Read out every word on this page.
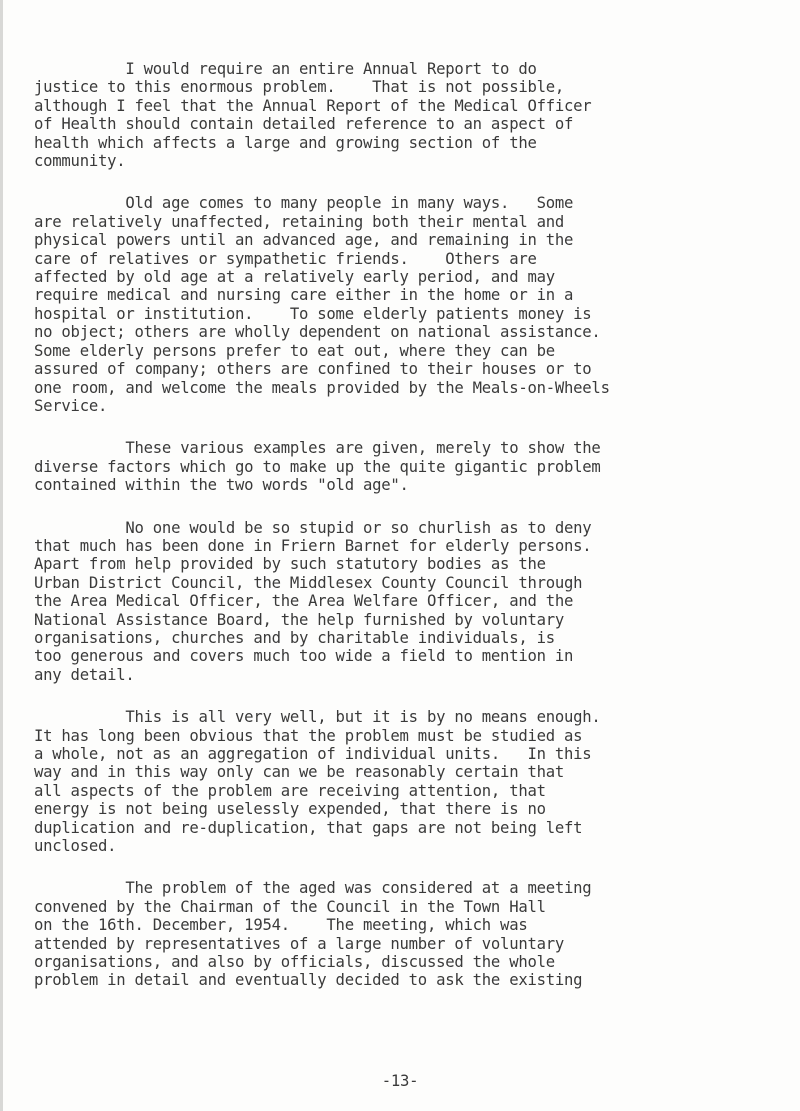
I would require an entire Annual Report to do
justice to this enormous problem.    That is not possible,
although I feel that the Annual Report of the Medical Officer
of Health should contain detailed reference to an aspect of
health which affects a large and growing section of the
community.

Old age comes to many people in many ways.   Some
are relatively unaffected, retaining both their mental and
physical powers until an advanced age, and remaining in the
care of relatives or sympathetic friends.    Others are
affected by old age at a relatively early period, and may
require medical and nursing care either in the home or in a
hospital or institution.    To some elderly patients money is
no object; others are wholly dependent on national assistance.
Some elderly persons prefer to eat out, where they can be
assured of company; others are confined to their houses or to
one room, and welcome the meals provided by the Meals-on-Wheels
Service.

These various examples are given, merely to show the
diverse factors which go to make up the quite gigantic problem
contained within the two words "old age".

No one would be so stupid or so churlish as to deny
that much has been done in Friern Barnet for elderly persons.
Apart from help provided by such statutory bodies as the
Urban District Council, the Middlesex County Council through
the Area Medical Officer, the Area Welfare Officer, and the
National Assistance Board, the help furnished by voluntary
organisations, churches and by charitable individuals, is
too generous and covers much too wide a field to mention in
any detail.

This is all very well, but it is by no means enough.
It has long been obvious that the problem must be studied as
a whole, not as an aggregation of individual units.   In this
way and in this way only can we be reasonably certain that
all aspects of the problem are receiving attention, that
energy is not being uselessly expended, that there is no
duplication and re-duplication, that gaps are not being left
unclosed.

The problem of the aged was considered at a meeting
convened by the Chairman of the Council in the Town Hall
on the 16th. December, 1954.    The meeting, which was
attended by representatives of a large number of voluntary
organisations, and also by officials, discussed the whole
problem in detail and eventually decided to ask the existing

-13-
